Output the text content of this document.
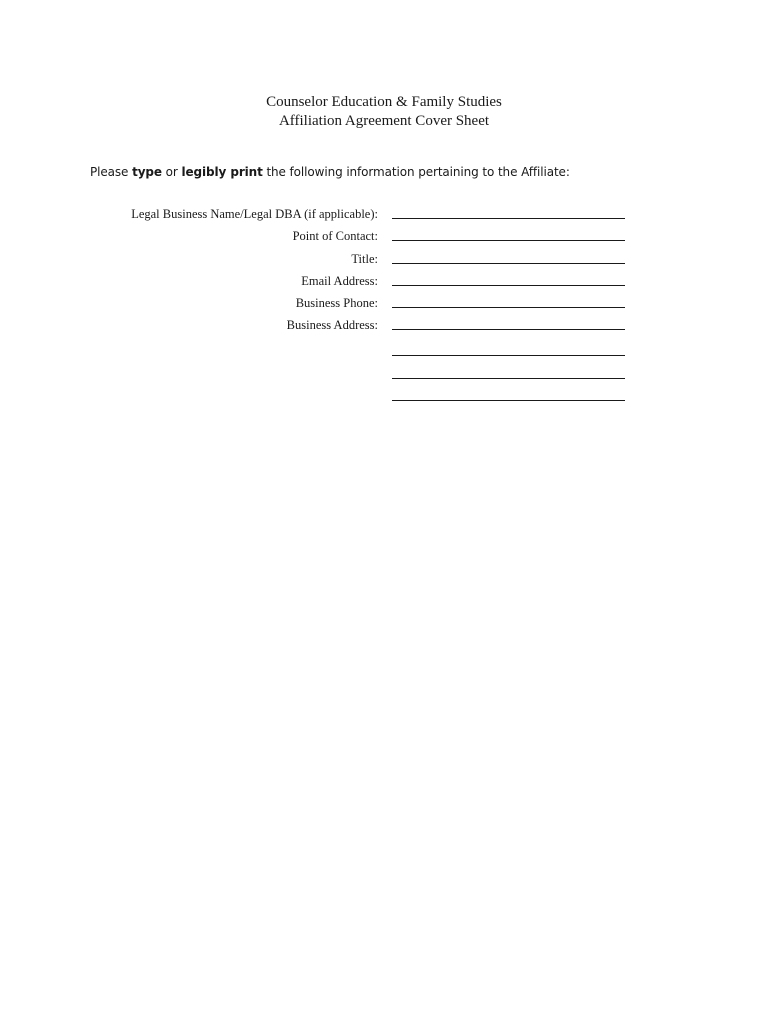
Counselor Education & Family Studies
Affiliation Agreement Cover Sheet
Please type or legibly print the following information pertaining to the Affiliate:
Legal Business Name/Legal DBA (if applicable):
Point of Contact:
Title:
Email Address:
Business Phone:
Business Address:
